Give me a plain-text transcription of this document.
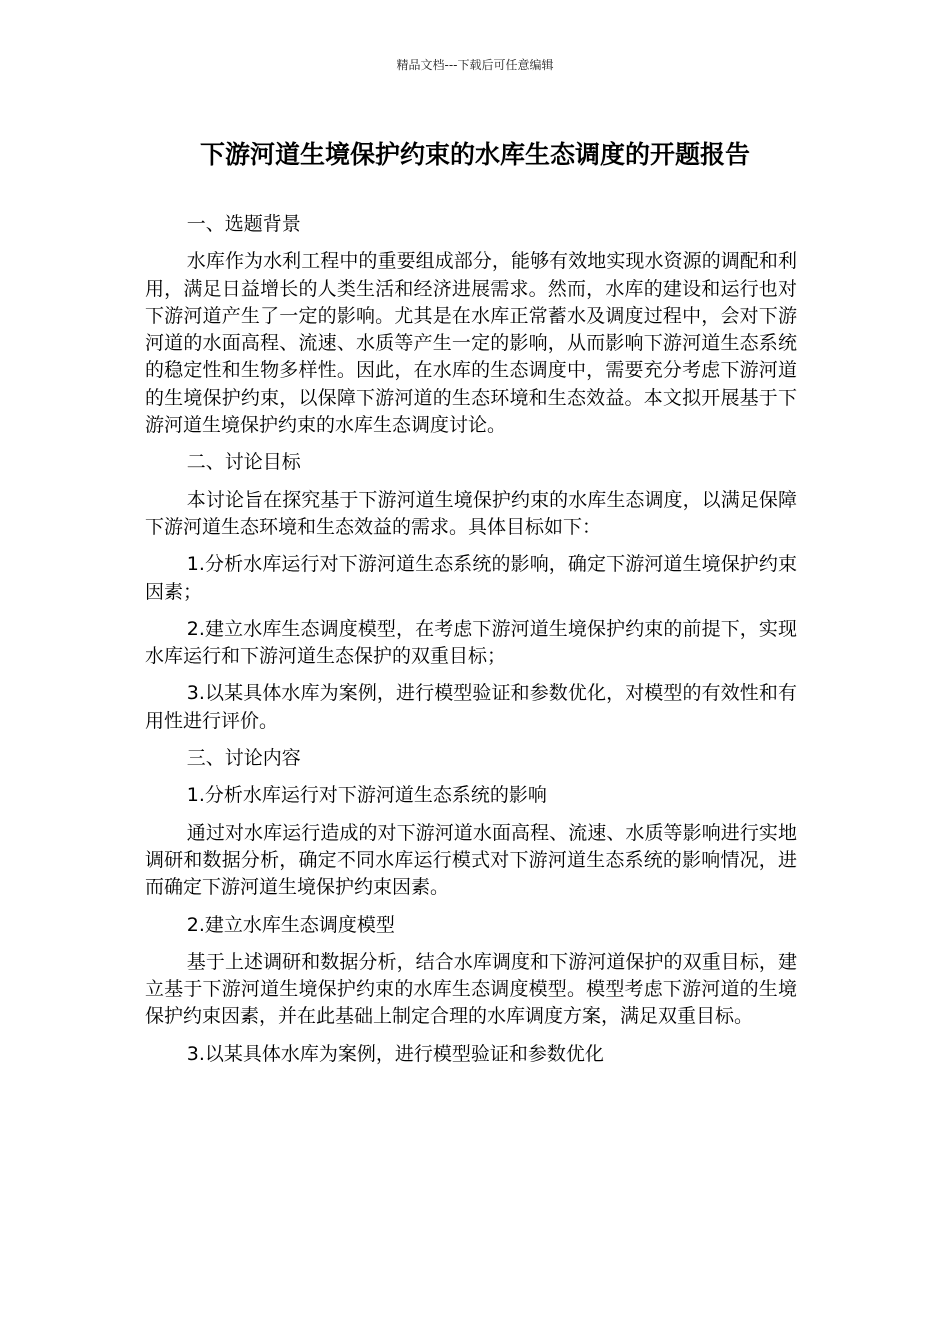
精品文档---下载后可任意编辑
下游河道生境保护约束的水库生态调度的开题报告

一、选题背景

水库作为水利工程中的重要组成部分，能够有效地实现水资源的调配和利用，满足日益增长的人类生活和经济进展需求。然而，水库的建设和运行也对下游河道产生了一定的影响。尤其是在水库正常蓄水及调度过程中，会对下游河道的水面高程、流速、水质等产生一定的影响，从而影响下游河道生态系统的稳定性和生物多样性。因此，在水库的生态调度中，需要充分考虑下游河道的生境保护约束，以保障下游河道的生态环境和生态效益。本文拟开展基于下游河道生境保护约束的水库生态调度讨论。

二、讨论目标

本讨论旨在探究基于下游河道生境保护约束的水库生态调度，以满足保障下游河道生态环境和生态效益的需求。具体目标如下：

1.分析水库运行对下游河道生态系统的影响，确定下游河道生境保护约束因素；

2.建立水库生态调度模型，在考虑下游河道生境保护约束的前提下，实现水库运行和下游河道生态保护的双重目标；

3.以某具体水库为案例，进行模型验证和参数优化，对模型的有效性和有用性进行评价。

三、讨论内容

1.分析水库运行对下游河道生态系统的影响

通过对水库运行造成的对下游河道水面高程、流速、水质等影响进行实地调研和数据分析，确定不同水库运行模式对下游河道生态系统的影响情况，进而确定下游河道生境保护约束因素。

2.建立水库生态调度模型

基于上述调研和数据分析，结合水库调度和下游河道保护的双重目标，建立基于下游河道生境保护约束的水库生态调度模型。模型考虑下游河道的生境保护约束因素，并在此基础上制定合理的水库调度方案，满足双重目标。

3.以某具体水库为案例，进行模型验证和参数优化
